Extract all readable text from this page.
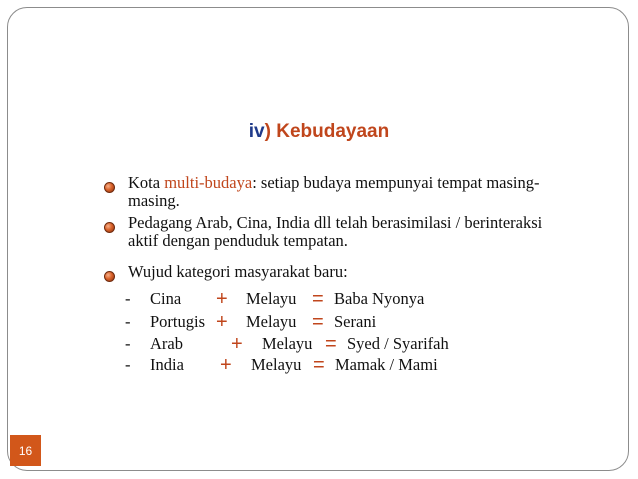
iv) Kebudayaan
Kota multi-budaya: setiap budaya mempunyai tempat masing-masing.
Pedagang Arab, Cina, India dll telah berasimilasi / berinteraksi aktif dengan penduduk tempatan.
Wujud kategori masyarakat baru:
- Cina + Melayu = Baba Nyonya
- Portugis + Melayu = Serani
- Arab + Melayu = Syed / Syarifah
- India + Melayu = Mamak / Mami
16
